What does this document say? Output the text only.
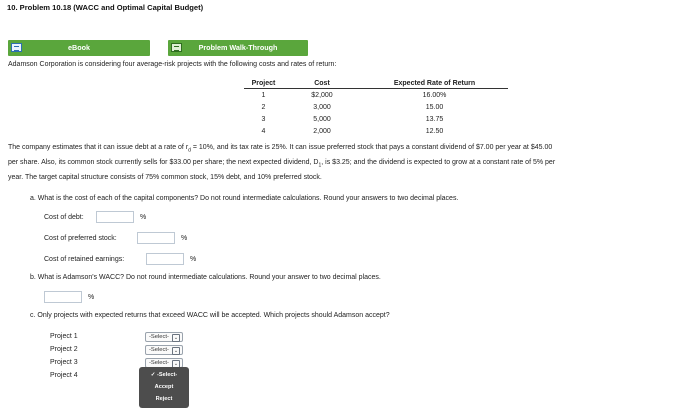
10. Problem 10.18 (WACC and Optimal Capital Budget)
eBook	Problem Walk-Through
Adamson Corporation is considering four average-risk projects with the following costs and rates of return:
Project	Cost	Expected Rate of Return
1	$2,000	16.00%
2	3,000	15.00
3	5,000	13.75
4	2,000	12.50
The company estimates that it can issue debt at a rate of $r_d = 10\%$, and its tax rate is 25%. It can issue preferred stock that pays a constant dividend of $7.00 per year at $45.00
per share. Also, its common stock currently sells for $33.00 per share; the next expected dividend, $D_1$, is $3.25; and the dividend is expected to grow at a constant rate of 5% per
year. The target capital structure consists of 75% common stock, 15% debt, and 10% preferred stock.
a. What is the cost of each of the capital components? Do not round intermediate calculations. Round your answers to two decimal places.
Cost of debt:	%
Cost of preferred stock:	%
Cost of retained earnings:	%
b. What is Adamson's WACC? Do not round intermediate calculations. Round your answer to two decimal places.
%
c. Only projects with expected returns that exceed WACC will be accepted. Which projects should Adamson accept?
Project 1	-Select- ⌄
Project 2	-Select- ⌄
Project 3	-Select- ⌄
Project 4	✓ -Select-
Accept
Reject
